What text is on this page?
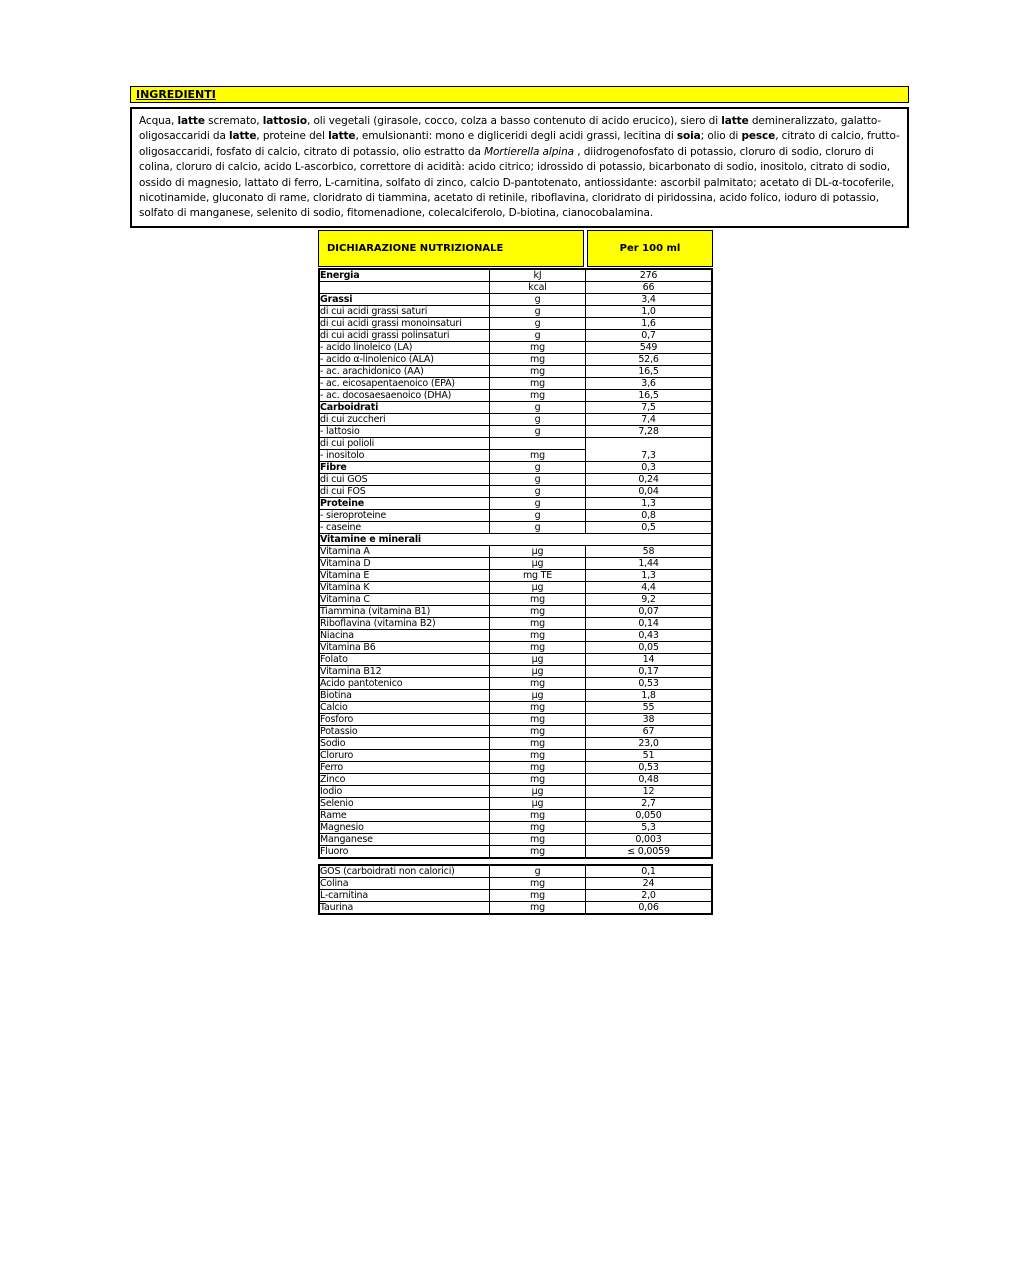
INGREDIENTI

Acqua, latte scremato, lattosio, oli vegetali (girasole, cocco, colza a basso contenuto di acido erucico), siero di latte demineralizzato, galatto-oligosaccaridi da latte, proteine del latte, emulsionanti: mono e digliceridi degli acidi grassi, lecitina di soia; olio di pesce, citrato di calcio, frutto- oligosaccaridi, fosfato di calcio, citrato di potassio, olio estratto da Mortierella alpina , diidrogenofosfato di potassio, cloruro di sodio, cloruro di colina, cloruro di calcio, acido L-ascorbico, correttore di acidità: acido citrico; idrossido di potassio, bicarbonato di sodio, inositolo, citrato di sodio, ossido di magnesio, lattato di ferro, L-carnitina, solfato di zinco, calcio D-pantotenato, antiossidante: ascorbil palmitato; acetato di DL-α-tocoferile, nicotinamide, gluconato di rame, cloridrato di tiammina, acetato di retinile, riboflavina, cloridrato di piridossina, acido folico, ioduro di potassio, solfato di manganese, selenito di sodio, fitomenadione, colecalciferolo, D-biotina, cianocobalamina.

DICHIARAZIONE NUTRIZIONALE	Per 100 ml
Energia	kJ	276
	kcal	66
Grassi	g	3,4
di cui acidi grassi saturi	g	1,0
di cui acidi grassi monoinsaturi	g	1,6
di cui acidi grassi polinsaturi	g	0,7
- acido linoleico (LA)	mg	549
- acido α-linolenico (ALA)	mg	52,6
- ac. arachidonico (AA)	mg	16,5
- ac. eicosapentaenoico (EPA)	mg	3,6
- ac. docosaesaenoico (DHA)	mg	16,5
Carboidrati	g	7,5
di cui zuccheri	g	7,4
- lattosio	g	7,28
di cui polioli		
- inositolo	mg	7,3
Fibre	g	0,3
di cui GOS	g	0,24
di cui FOS	g	0,04
Proteine	g	1,3
- sieroproteine	g	0,8
- caseine	g	0,5
Vitamine e minerali		
Vitamina A	µg	58
Vitamina D	µg	1,44
Vitamina E	mg TE	1,3
Vitamina K	µg	4,4
Vitamina C	mg	9,2
Tiammina (vitamina B1)	mg	0,07
Riboflavina (vitamina B2)	mg	0,14
Niacina	mg	0,43
Vitamina B6	mg	0,05
Folato	µg	14
Vitamina B12	µg	0,17
Acido pantotenico	mg	0,53
Biotina	µg	1,8
Calcio	mg	55
Fosforo	mg	38
Potassio	mg	67
Sodio	mg	23,0
Cloruro	mg	51
Ferro	mg	0,53
Zinco	mg	0,48
Iodio	µg	12
Selenio	µg	2,7
Rame	mg	0,050
Magnesio	mg	5,3
Manganese	mg	0,003
Fluoro	mg	≤ 0,0059
GOS (carboidrati non calorici)	g	0,1
Colina	mg	24
L-carnitina	mg	2,0
Taurina	mg	0,06
